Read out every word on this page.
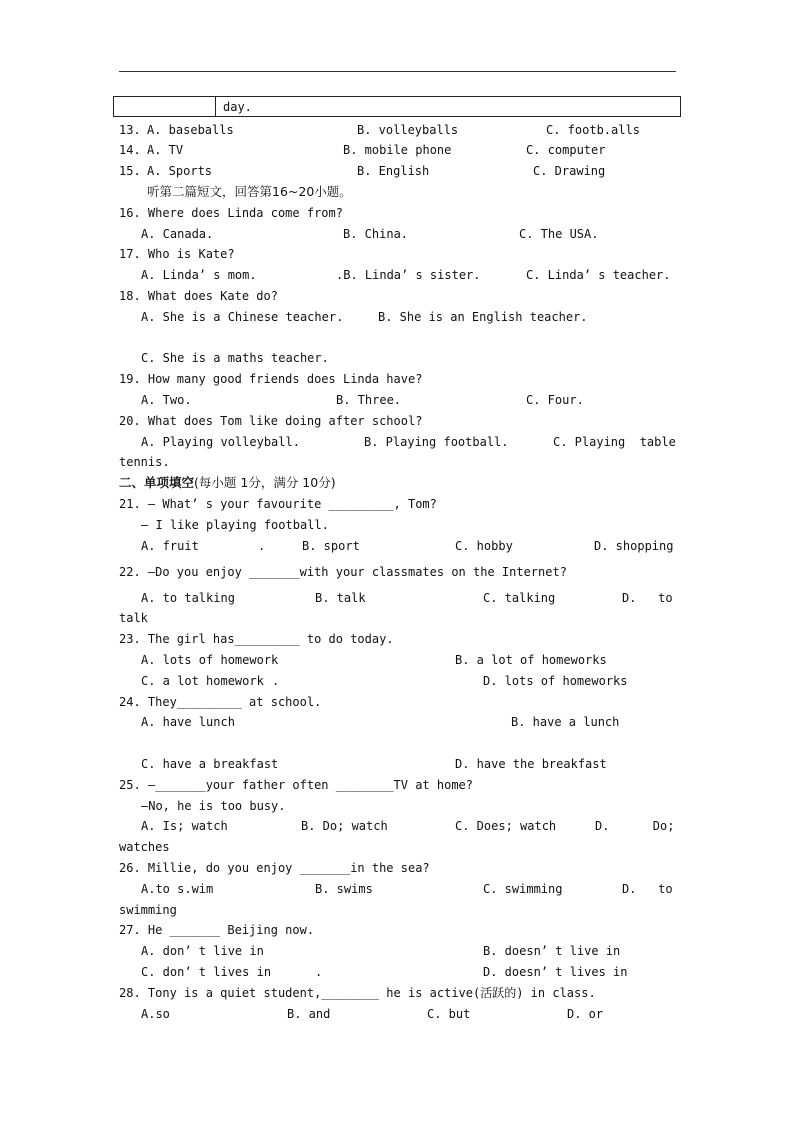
day.
13. A. baseballs	B. volleyballs	C. footb.alls
14. A. TV	B. mobile phone	C. computer
15. A. Sports	B. English	C. Drawing
听第二篇短文，回答第16~20小题。
16. Where does Linda come from?
A. Canada.	B. China.	C. The USA.
17. Who is Kate?
A. Linda’ s mom.	.B. Linda’ s sister.	C. Linda’ s teacher.
18. What does Kate do?
A. She is a Chinese teacher.	B. She is an English teacher.
C. She is a maths teacher.
19. How many good friends does Linda have?
A. Two.	B. Three.	C. Four.
20. What does Tom like doing after school?
A. Playing volleyball.	B. Playing football.	C. Playing  table
tennis.
二、单项填空(每小题 1分，满分 10分)
21. — What’ s your favourite _________, Tom?
— I like playing football.
A. fruit	.	B. sport	C. hobby	D. shopping
22. —Do you enjoy _______with your classmates on the Internet?
A. to talking	B. talk	C. talking	D.   to
talk
23. The girl has_________ to do today.
A. lots of homework	B. a lot of homeworks
C. a lot homework .	D. lots of homeworks
24. They_________ at school.
A. have lunch	B. have a lunch
C. have a breakfast	D. have the breakfast
25. —_______your father often ________TV at home?
—No, he is too busy.
A. Is; watch	B. Do; watch	C. Does; watch	D.      Do;
watches
26. Millie, do you enjoy _______in the sea?
A.to s.wim	B. swims	C. swimming	D.   to
swimming
27. He _______ Beijing now.
A. don’ t live in	B. doesn’ t live in
C. don’ t lives in	.	D. doesn’ t lives in
28. Tony is a quiet student,________ he is active(活跃的) in class.
A.so	B. and	C. but	D. or
